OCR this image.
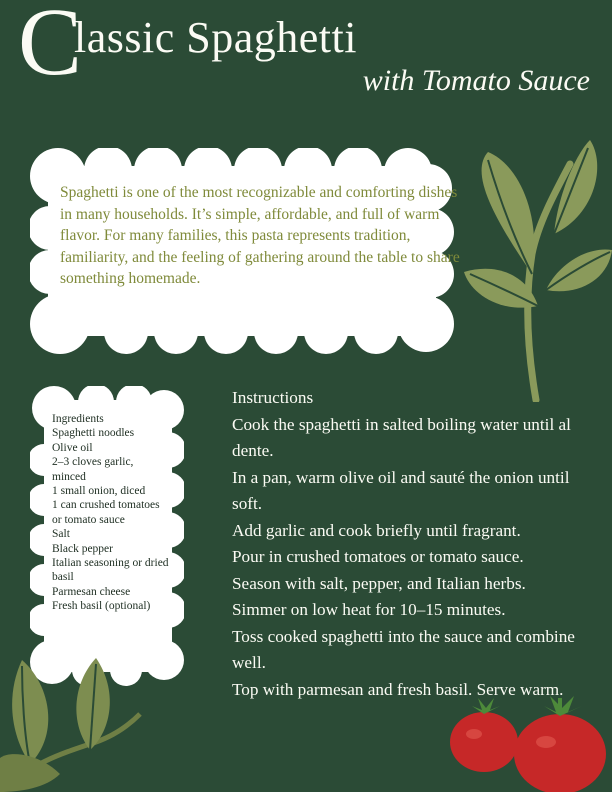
C
lassic Spaghetti
with Tomato Sauce
Spaghetti is one of the most recognizable and comforting dishes in many households. It’s simple, affordable, and full of warm flavor. For many families, this pasta represents tradition, familiarity, and the feeling of gathering around the table to share something homemade.
Ingredients
Spaghetti noodles
Olive oil
2–3 cloves garlic, minced
1 small onion, diced
1 can crushed tomatoes or tomato sauce
Salt
Black pepper
Italian seasoning or dried basil
Parmesan cheese
Fresh basil (optional)
Instructions
Cook the spaghetti in salted boiling water until al dente.
In a pan, warm olive oil and sauté the onion until soft.
Add garlic and cook briefly until fragrant.
Pour in crushed tomatoes or tomato sauce.
Season with salt, pepper, and Italian herbs.
Simmer on low heat for 10–15 minutes.
Toss cooked spaghetti into the sauce and combine well.
Top with parmesan and fresh basil. Serve warm.
